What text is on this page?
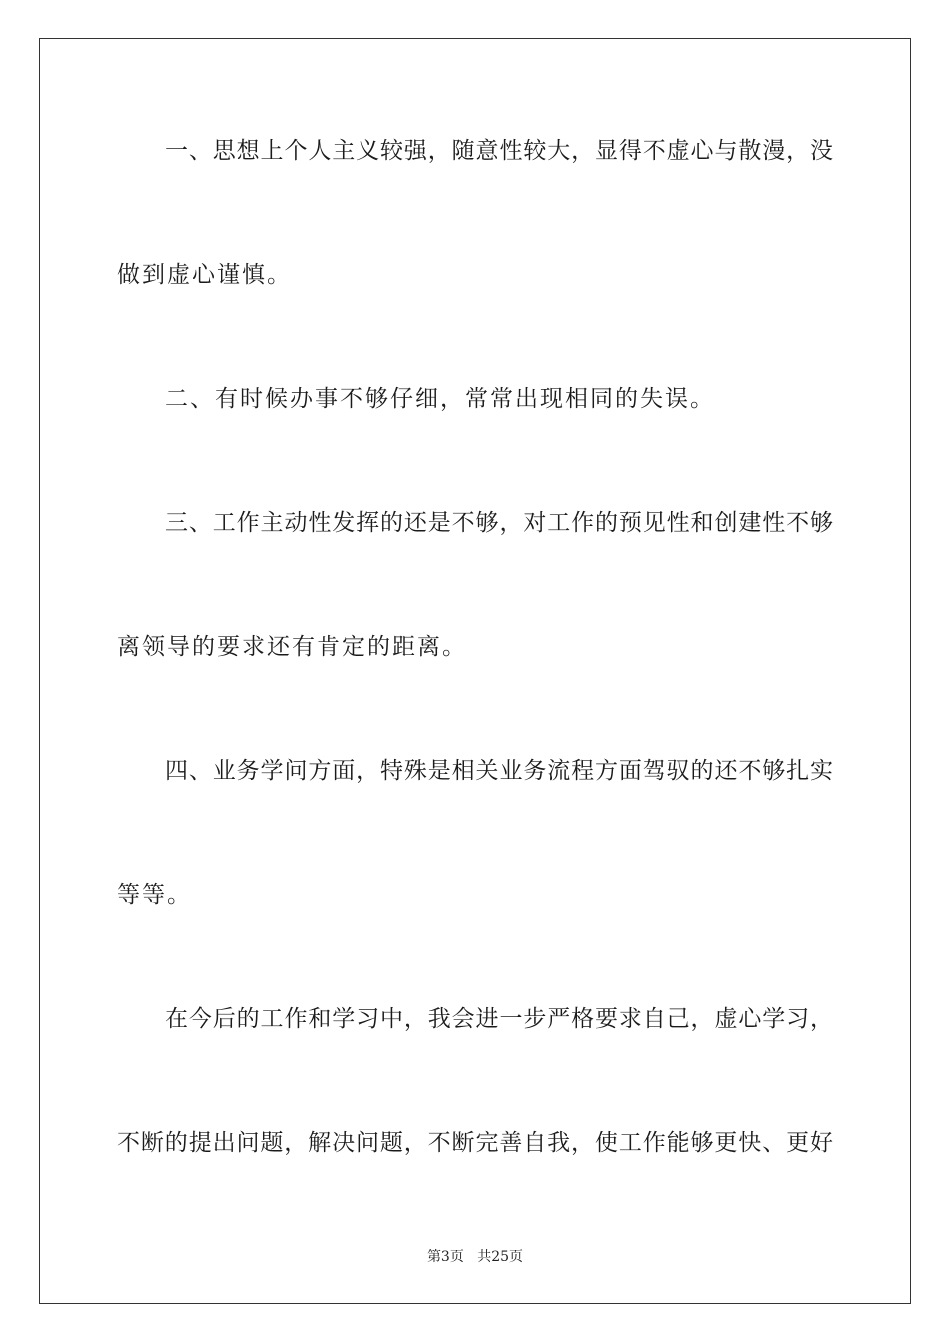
一、思想上个人主义较强，随意性较大，显得不虚心与散漫，没
做到虚心谨慎。
二、有时候办事不够仔细，常常出现相同的失误。
三、工作主动性发挥的还是不够，对工作的预见性和创建性不够
离领导的要求还有肯定的距离。
四、业务学问方面，特殊是相关业务流程方面驾驭的还不够扎实
等等。
在今后的工作和学习中，我会进一步严格要求自己，虚心学习，
不断的提出问题，解决问题，不断完善自我，使工作能够更快、更好
第3页 共25页
